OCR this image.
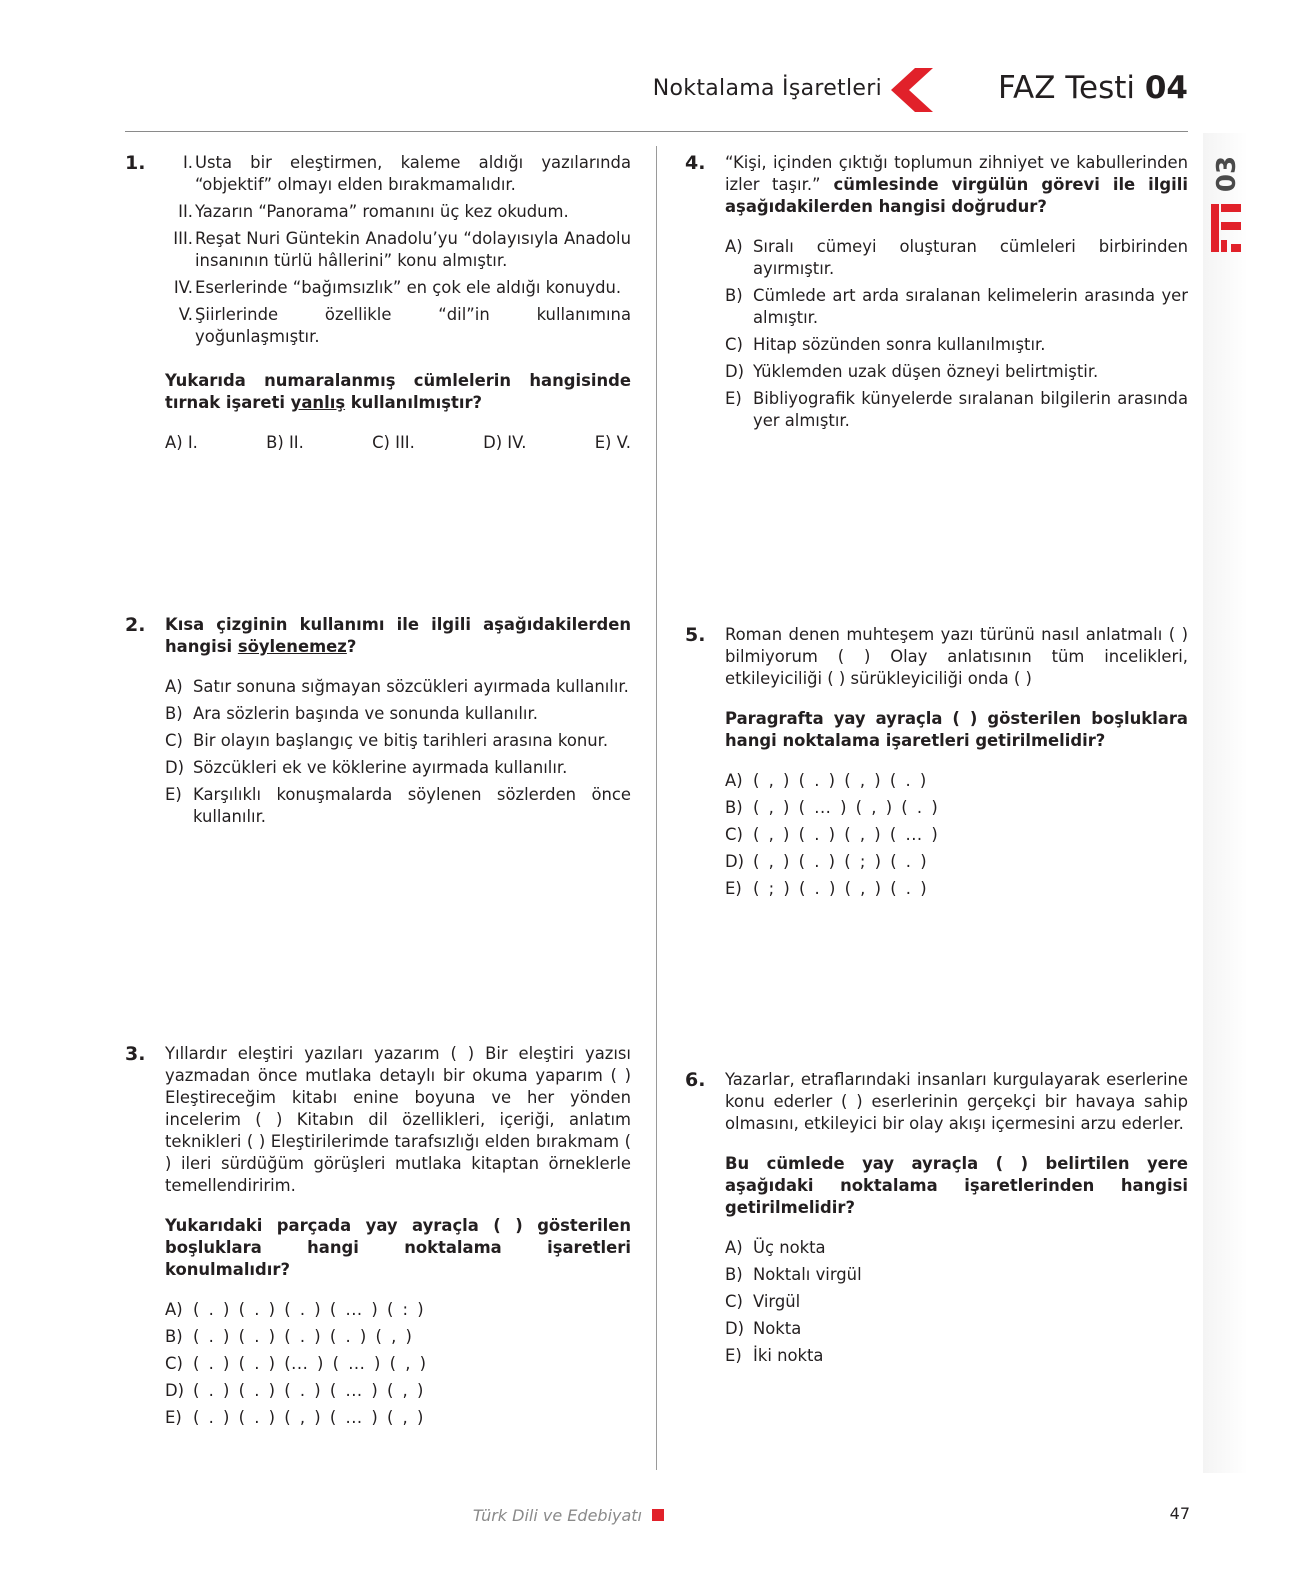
Noktalama İşaretleri	FAZ Testi 04
03
1.	I. Usta bir eleştirmen, kaleme aldığı yazılarında “objektif” olmayı elden bırakmamalıdır.
II. Yazarın “Panorama” romanını üç kez okudum.
III. Reşat Nuri Güntekin Anadolu’yu “dolayısıyla Anadolu insanının türlü hâllerini” konu almıştır.
IV. Eserlerinde “bağımsızlık” en çok ele aldığı konuydu.
V. Şiirlerinde özellikle “dil”in kullanımına yoğunlaşmıştır.
Yukarıda numaralanmış cümlelerin hangisinde tırnak işareti yanlış kullanılmıştır?
A) I.	B) II.	C) III.	D) IV.	E) V.
2. Kısa çizginin kullanımı ile ilgili aşağıdakilerden hangisi söylenemez?
A) Satır sonuna sığmayan sözcükleri ayırmada kullanılır.
B) Ara sözlerin başında ve sonunda kullanılır.
C) Bir olayın başlangıç ve bitiş tarihleri arasına konur.
D) Sözcükleri ek ve köklerine ayırmada kullanılır.
E) Karşılıklı konuşmalarda söylenen sözlerden önce kullanılır.
3. Yıllardır eleştiri yazıları yazarım ( ) Bir eleştiri yazısı yazmadan önce mutlaka detaylı bir okuma yaparım ( ) Eleştireceğim kitabı enine boyuna ve her yönden incelerim ( ) Kitabın dil özellikleri, içeriği, anlatım teknikleri ( ) Eleştirilerimde tarafsızlığı elden bırakmam ( ) ileri sürdüğüm görüşleri mutlaka kitaptan örneklerle temellendiririm.
Yukarıdaki parçada yay ayraçla ( ) gösterilen boşluklara hangi noktalama işaretleri konulmalıdır?
A) ( . ) ( . ) ( . ) ( ... ) ( : )
B) ( . ) ( . ) ( . ) ( . ) ( , )
C) ( . ) ( . ) (... ) ( ... ) ( , )
D) ( . ) ( . ) ( . ) ( ... ) ( , )
E) ( . ) ( . ) ( , ) ( ... ) ( , )
4. “Kişi, içinden çıktığı toplumun zihniyet ve kabullerinden izler taşır.” cümlesinde virgülün görevi ile ilgili aşağıdakilerden hangisi doğrudur?
A) Sıralı cümeyi oluşturan cümleleri birbirinden ayırmıştır.
B) Cümlede art arda sıralanan kelimelerin arasında yer almıştır.
C) Hitap sözünden sonra kullanılmıştır.
D) Yüklemden uzak düşen özneyi belirtmiştir.
E) Bibliyografik künyelerde sıralanan bilgilerin arasında yer almıştır.
5. Roman denen muhteşem yazı türünü nasıl anlatmalı ( ) bilmiyorum ( ) Olay anlatısının tüm incelikleri, etkileyiciliği ( ) sürükleyiciliği onda ( )
Paragrafta yay ayraçla ( ) gösterilen boşluklara hangi noktalama işaretleri getirilmelidir?
A) ( , ) ( . ) ( , ) ( . )
B) ( , ) ( ... ) ( , ) ( . )
C) ( , ) ( . ) ( , ) ( ... )
D) ( , ) ( . ) ( ; ) ( . )
E) ( ; ) ( . ) ( , ) ( . )
6. Yazarlar, etraflarındaki insanları kurgulayarak eserlerine konu ederler ( ) eserlerinin gerçekçi bir havaya sahip olmasını, etkileyici bir olay akışı içermesini arzu ederler.
Bu cümlede yay ayraçla ( ) belirtilen yere aşağıdaki noktalama işaretlerinden hangisi getirilmelidir?
A) Üç nokta
B) Noktalı virgül
C) Virgül
D) Nokta
E) İki nokta
Türk Dili ve Edebiyatı	47
